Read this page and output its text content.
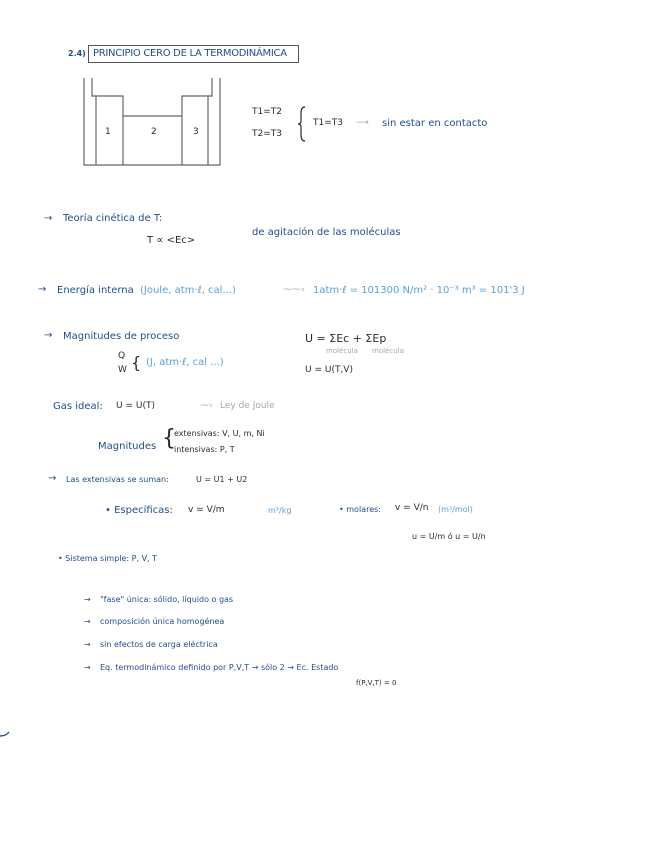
2.4) PRINCIPIO CERO DE LA TERMODINÁMICA
1	2	3
T1=T2
T2=T3
T1=T3 ⟶ sin estar en contacto
→ Teoría cinética de T:
T ∝ <Ec>
de agitación de las moléculas
→ Energía interna (Joule, atm·ℓ, cal...)	⁓⁓› 1atm·ℓ = 101300 N/m² · 10⁻³ m³ = 101'3 J
→ Magnitudes de proceso
Q
W { (J, atm·ℓ, cal ...)
U = ΣEc + ΣEp
molécula molécula
U = U(T,V)
Gas ideal: U = U(T)	⁓› Ley de Joule
Magnitudes {
extensivas: V, U, m, Ni
intensivas: P, T
→ Las extensivas se suman:	U = U1 + U2
• Específicas: v = V/m	m³/kg	• molares: v = V/n (m³/mol)
u = U/m ó u = U/n
• Sistema simple: P, V, T
→ "fase" única: sólido, líquido o gas
→ composición única homogénea
→ sin efectos de carga eléctrica
→ Eq. termodinámico definido por P,V,T → sólo 2 → Ec. Estado
f(P,V,T) = 0
